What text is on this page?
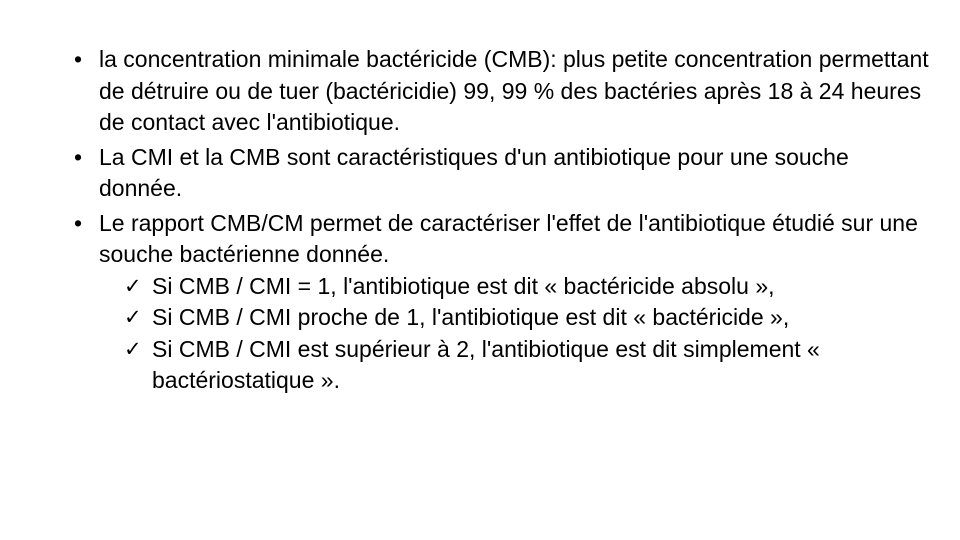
• la concentration minimale bactéricide (CMB): plus petite concentration permettant de détruire ou de tuer (bactéricidie) 99, 99 % des bactéries après 18 à 24 heures de contact avec l'antibiotique.
• La CMI et la CMB sont caractéristiques d'un antibiotique pour une souche donnée.
• Le rapport CMB/CM permet de caractériser l'effet de l'antibiotique étudié sur une souche bactérienne donnée.
✓ Si CMB / CMI = 1, l'antibiotique est dit « bactéricide absolu »,
✓ Si CMB / CMI proche de 1, l'antibiotique est dit « bactéricide »,
✓ Si CMB / CMI est supérieur à 2, l'antibiotique est dit simplement « bactériostatique ».
